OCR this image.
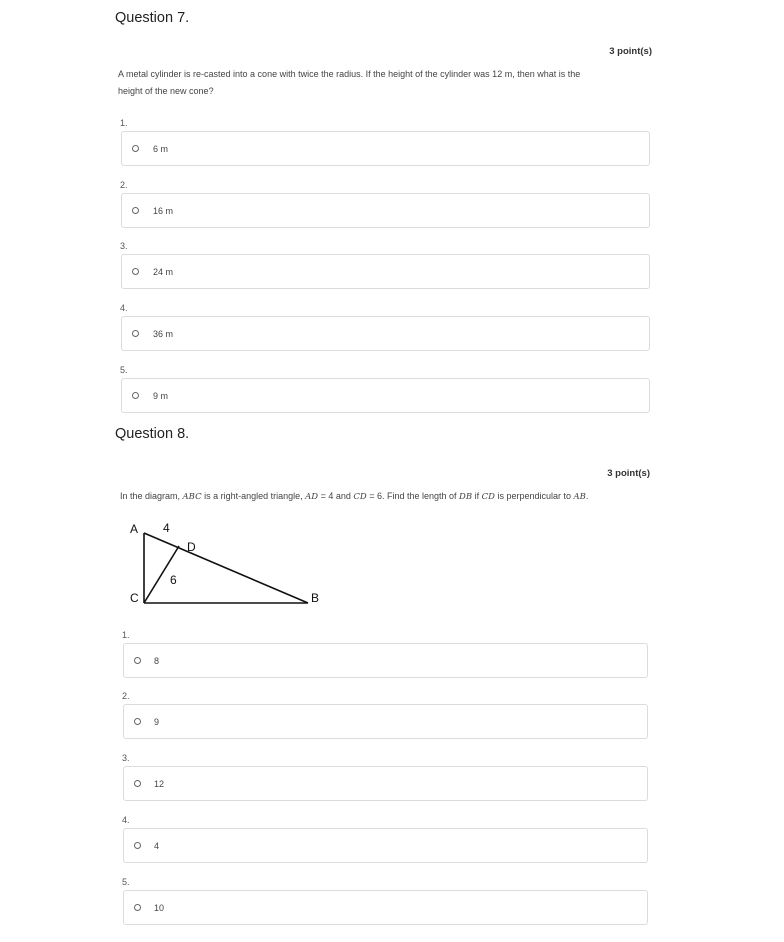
Question 7.
3 point(s)
A metal cylinder is re-casted into a cone with twice the radius. If the height of the cylinder was 12 m, then what is the
height of the new cone?
1.
6 m
2.
16 m
3.
24 m
4.
36 m
5.
9 m
Question 8.
3 point(s)
In the diagram, ABC is a right-angled triangle, AD = 4 and CD = 6. Find the length of DB if CD is perpendicular to AB.
A 4
D
6
C	B
1.
8
2.
9
3.
12
4.
4
5.
10
